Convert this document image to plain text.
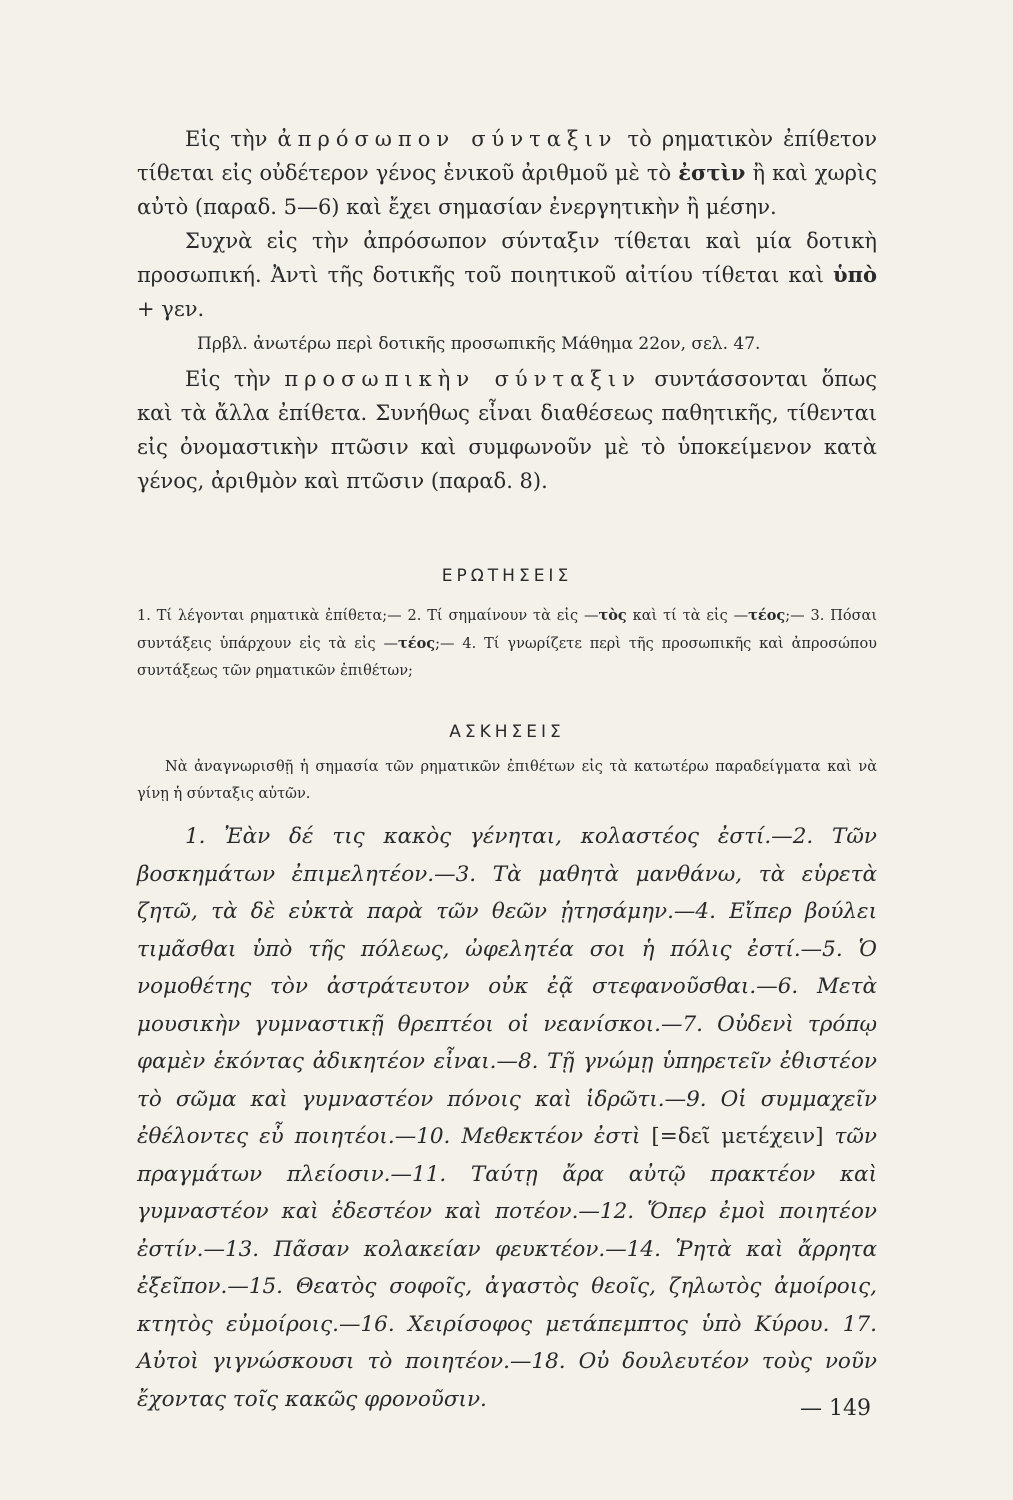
Εἰς τὴν ἀπρόσωπον σύνταξιν τὸ ρηματικὸν ἐπίθετον τίθεται εἰς οὐδέτερον γένος ἑνικοῦ ἀριθμοῦ μὲ τὸ ἐστὶν ἢ καὶ χωρὶς αὐτὸ (παραδ. 5—6) καὶ ἔχει σημασίαν ἐνεργητικὴν ἢ μέσην.

Συχνὰ εἰς τὴν ἀπρόσωπον σύνταξιν τίθεται καὶ μία δοτικὴ προσωπική. Ἀντὶ τῆς δοτικῆς τοῦ ποιητικοῦ αἰτίου τίθεται καὶ ὑπὸ + γεν.

Πρβλ. ἀνωτέρω περὶ δοτικῆς προσωπικῆς Μάθημα 22ον, σελ. 47.

Εἰς τὴν προσωπικὴν σύνταξιν συντάσσονται ὅπως καὶ τὰ ἄλλα ἐπίθετα. Συνήθως εἶναι διαθέσεως παθητικῆς, τίθενται εἰς ὀνομαστικὴν πτῶσιν καὶ συμφωνοῦν μὲ τὸ ὑποκείμενον κατὰ γένος, ἀριθμὸν καὶ πτῶσιν (παραδ. 8).

ΕΡΩΤΗΣΕΙΣ

1. Τί λέγονται ρηματικὰ ἐπίθετα;— 2. Τί σημαίνουν τὰ εἰς —τὸς καὶ τί τὰ εἰς —τέος;— 3. Πόσαι συντάξεις ὑπάρχουν εἰς τὰ εἰς —τέος;— 4. Τί γνωρίζετε περὶ τῆς προσωπικῆς καὶ ἀπροσώπου συντάξεως τῶν ρηματικῶν ἐπιθέτων;

ΑΣΚΗΣΕΙΣ

Νὰ ἀναγνωρισθῇ ἡ σημασία τῶν ρηματικῶν ἐπιθέτων εἰς τὰ κατωτέρω παραδείγματα καὶ νὰ γίνῃ ἡ σύνταξις αὐτῶν.

1. Ἐὰν δέ τις κακὸς γένηται, κολαστέος ἐστί.—2. Τῶν βοσκημάτων ἐπιμελητέον.—3. Τὰ μαθητὰ μανθάνω, τὰ εὑρετὰ ζητῶ, τὰ δὲ εὐκτὰ παρὰ τῶν θεῶν ᾐτησάμην.—4. Εἴπερ βούλει τιμᾶσθαι ὑπὸ τῆς πόλεως, ὠφελητέα σοι ἡ πόλις ἐστί.—5. Ὁ νομοθέτης τὸν ἀστράτευτον οὐκ ἐᾷ στεφανοῦσθαι.—6. Μετὰ μουσικὴν γυμναστικῇ θρεπτέοι οἱ νεανίσκοι.—7. Οὐδενὶ τρόπῳ φαμὲν ἑκόντας ἀδικητέον εἶναι.—8. Τῇ γνώμῃ ὑπηρετεῖν ἐθιστέον τὸ σῶμα καὶ γυμναστέον πόνοις καὶ ἱδρῶτι.—9. Οἱ συμμαχεῖν ἐθέλοντες εὖ ποιητέοι.—10. Μεθεκτέον ἐστὶ [=δεῖ μετέχειν] τῶν πραγμάτων πλείοσιν.—11. Ταύτῃ ἄρα αὐτῷ πρακτέον καὶ γυμναστέον καὶ ἐδεστέον καὶ ποτέον.—12. Ὅπερ ἐμοὶ ποιητέον ἐστίν.—13. Πᾶσαν κολακείαν φευκτέον.—14. Ῥητὰ καὶ ἄρρητα ἐξεῖπον.—15. Θεατὸς σοφοῖς, ἀγαστὸς θεοῖς, ζηλωτὸς ἀμοίροις, κτητὸς εὐμοίροις.—16. Χειρίσοφος μετάπεμπτος ὑπὸ Κύρου. 17. Αὐτοὶ γιγνώσκουσι τὸ ποιητέον.—18. Οὐ δουλευτέον τοὺς νοῦν ἔχοντας τοῖς κακῶς φρονοῦσιν.	— 149
